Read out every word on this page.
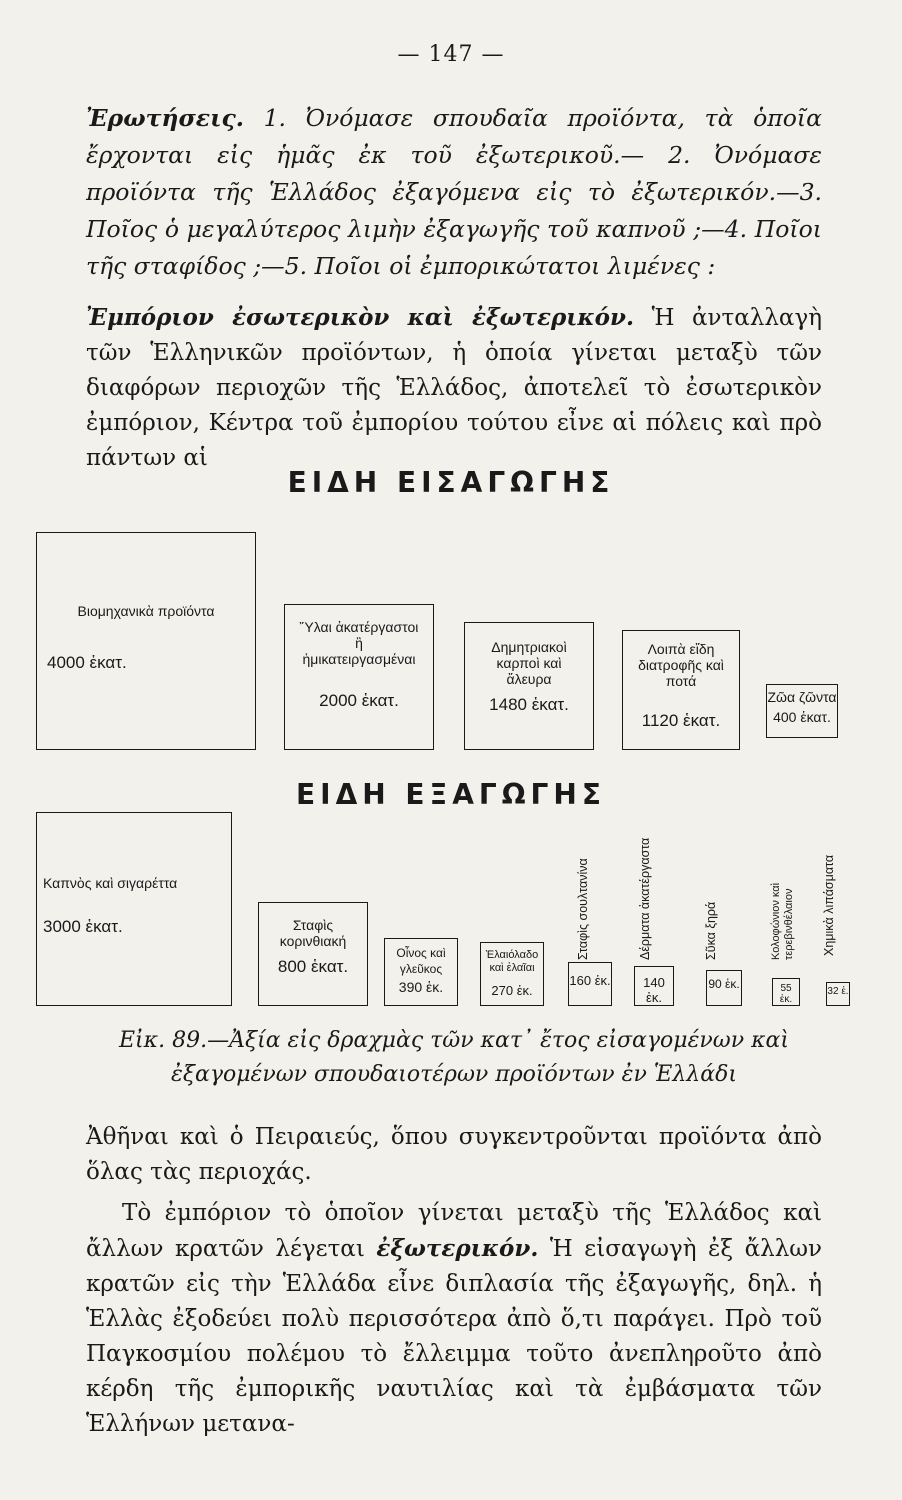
— 147 —

Ἐρωτήσεις. 1. Ὀνόμασε σπουδαῖα προϊόντα, τὰ ὁποῖα ἔρχονται εἰς ἡμᾶς ἐκ τοῦ ἐξωτερικοῦ.— 2. Ὀνόμασε προϊόντα τῆς Ἑλλάδος ἐξαγόμενα εἰς τὸ ἐξωτερικόν.—3. Ποῖος ὁ μεγαλύτερος λιμὴν ἐξαγωγῆς τοῦ καπνοῦ ;—4. Ποῖοι τῆς σταφίδος ;—5. Ποῖοι οἱ ἐμπορικώτατοι λιμένες :

Ἐμπόριον ἐσωτερικὸν καὶ ἐξωτερικόν. Ἡ ἀνταλλαγὴ τῶν Ἑλληνικῶν προϊόντων, ἡ ὁποία γίνεται μεταξὺ τῶν διαφόρων περιοχῶν τῆς Ἑλλάδος, ἀποτελεῖ τὸ ἐσωτερικὸν ἐμπόριον, Κέντρα τοῦ ἐμπορίου τούτου εἶνε αἱ πόλεις καὶ πρὸ πάντων αἱ

ΕΙΔΗ ΕΙΣΑΓΩΓΗΣ
Βιομηχανικὰ προϊόντα
4000 ἑκατ.
Ὕλαι ἀκατέργαστοι ἢ ἡμικατειργασμέναι
2000 ἑκατ.
Δημητριακοὶ καρποὶ καὶ ἄλευρα
1480 ἑκατ.
Λοιπὰ εἴδη διατροφῆς καὶ ποτά
1120 ἑκατ.
Ζῶα ζῶντα
400 ἑκατ.
ΕΙΔΗ ΕΞΑΓΩΓΗΣ
Καπνὸς καὶ σιγαρέττα
3000 ἑκατ.	Σταφὶς κορινθιακή
800 ἑκατ.
Οἶνος καὶ γλεῦκος
390 ἑκ.
Ἐλαιόλαδο καὶ ἐλαῖαι
270 ἑκ.
Σταφὶς σουλτανίνα
160 ἑκ.
Δέρματα ἀκατέργαστα
140 ἑκ.
Σῦκα ξηρά
90 ἑκ.
Κολοφώνιον καὶ τερεβινθέλαιον
55 ἑκ.
Χημικὰ λιπάσματα
32 ἑ.

Εἰκ. 89.—Ἀξία εἰς δραχμὰς τῶν κατ᾽ ἔτος εἰσαγομένων καὶ ἐξαγομένων σπουδαιοτέρων προϊόντων ἐν Ἑλλάδι

Ἀθῆναι καὶ ὁ Πειραιεύς, ὅπου συγκεντροῦνται προϊόντα ἀπὸ ὅλας τὰς περιοχάς.

Τὸ ἐμπόριον τὸ ὁποῖον γίνεται μεταξὺ τῆς Ἑλλάδος καὶ ἄλλων κρατῶν λέγεται ἐξωτερικόν. Ἡ εἰσαγωγὴ ἐξ ἄλλων κρατῶν εἰς τὴν Ἑλλάδα εἶνε διπλασία τῆς ἐξαγωγῆς, δηλ. ἡ Ἑλλὰς ἐξοδεύει πολὺ περισσότερα ἀπὸ ὅ,τι παράγει. Πρὸ τοῦ Παγκοσμίου πολέμου τὸ ἔλλειμμα τοῦτο ἀνεπληροῦτο ἀπὸ κέρδη τῆς ἐμπορικῆς ναυτιλίας καὶ τὰ ἐμβάσματα τῶν Ἑλλήνων μετανα-
